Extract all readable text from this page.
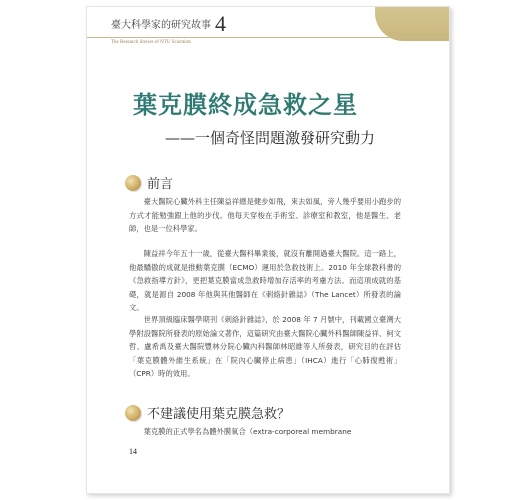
臺大科學家的研究故事 4
The Research Stories of NTU Scientists
葉克膜終成急救之星
——一個奇怪問題激發研究動力
前言
臺大醫院心臟外科主任陳益祥總是健步如飛，來去如風，旁人幾乎要用小跑步的方式才能勉強跟上他的步伐。他每天穿梭在手術室、診療室和教室，他是醫生、老師，也是一位科學家。
陳益祥今年五十一歲，從臺大醫科畢業後，就沒有離開過臺大醫院。這一路上，他最驕傲的成就是推動葉克膜（ECMO）運用於急救技術上。2010 年全球教科書的《急救指導方針》，更把葉克膜當成急救時增加存活率的考慮方法。而這項成就的基礎，就是源自 2008 年他與其他醫師在《刺絡針雜誌》（The Lancet）所發表的論文。
世界頂級臨床醫學期刊《刺絡針雜誌》，於 2008 年 7 月號中，刊載國立臺灣大學附設醫院所發表的原始論文著作，這篇研究由臺大醫院心臟外科醫師陳益祥、柯文哲、盧希禹及臺大醫院豐林分院心臟內科醫師林昭維等人所發表，研究目的在評估「葉克膜體外維生系統」在「院內心臟停止病患」（IHCA）進行「心肺復甦術」（CPR）時的效用。
不建議使用葉克膜急救？
葉克膜的正式學名為體外膜氧合（extra-corporeal membrane
14
